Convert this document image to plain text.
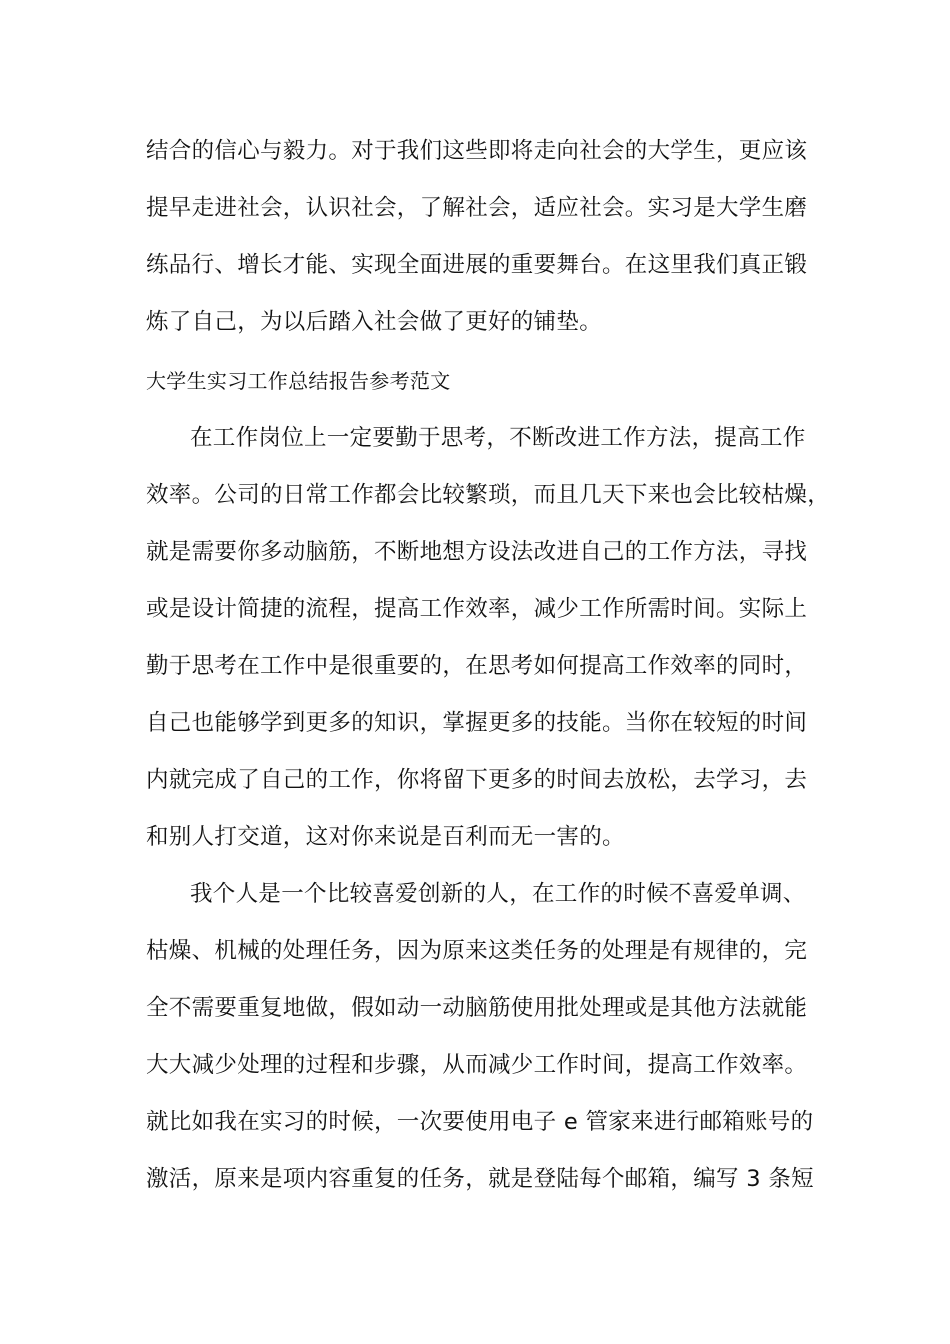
结合的信心与毅力。对于我们这些即将走向社会的大学生，更应该

提早走进社会，认识社会，了解社会，适应社会。实习是大学生磨

练品行、增长才能、实现全面进展的重要舞台。在这里我们真正锻

炼了自己，为以后踏入社会做了更好的铺垫。

大学生实习工作总结报告参考范文

在工作岗位上一定要勤于思考，不断改进工作方法，提高工作

效率。公司的日常工作都会比较繁琐，而且几天下来也会比较枯燥，

就是需要你多动脑筋，不断地想方设法改进自己的工作方法，寻找

或是设计简捷的流程，提高工作效率，减少工作所需时间。实际上

勤于思考在工作中是很重要的，在思考如何提高工作效率的同时，

自己也能够学到更多的知识，掌握更多的技能。当你在较短的时间

内就完成了自己的工作，你将留下更多的时间去放松，去学习，去

和别人打交道，这对你来说是百利而无一害的。

我个人是一个比较喜爱创新的人，在工作的时候不喜爱单调、

枯燥、机械的处理任务，因为原来这类任务的处理是有规律的，完

全不需要重复地做，假如动一动脑筋使用批处理或是其他方法就能

大大减少处理的过程和步骤，从而减少工作时间，提高工作效率。

就比如我在实习的时候，一次要使用电子 e 管家来进行邮箱账号的

激活，原来是项内容重复的任务，就是登陆每个邮箱，编写 3 条短
